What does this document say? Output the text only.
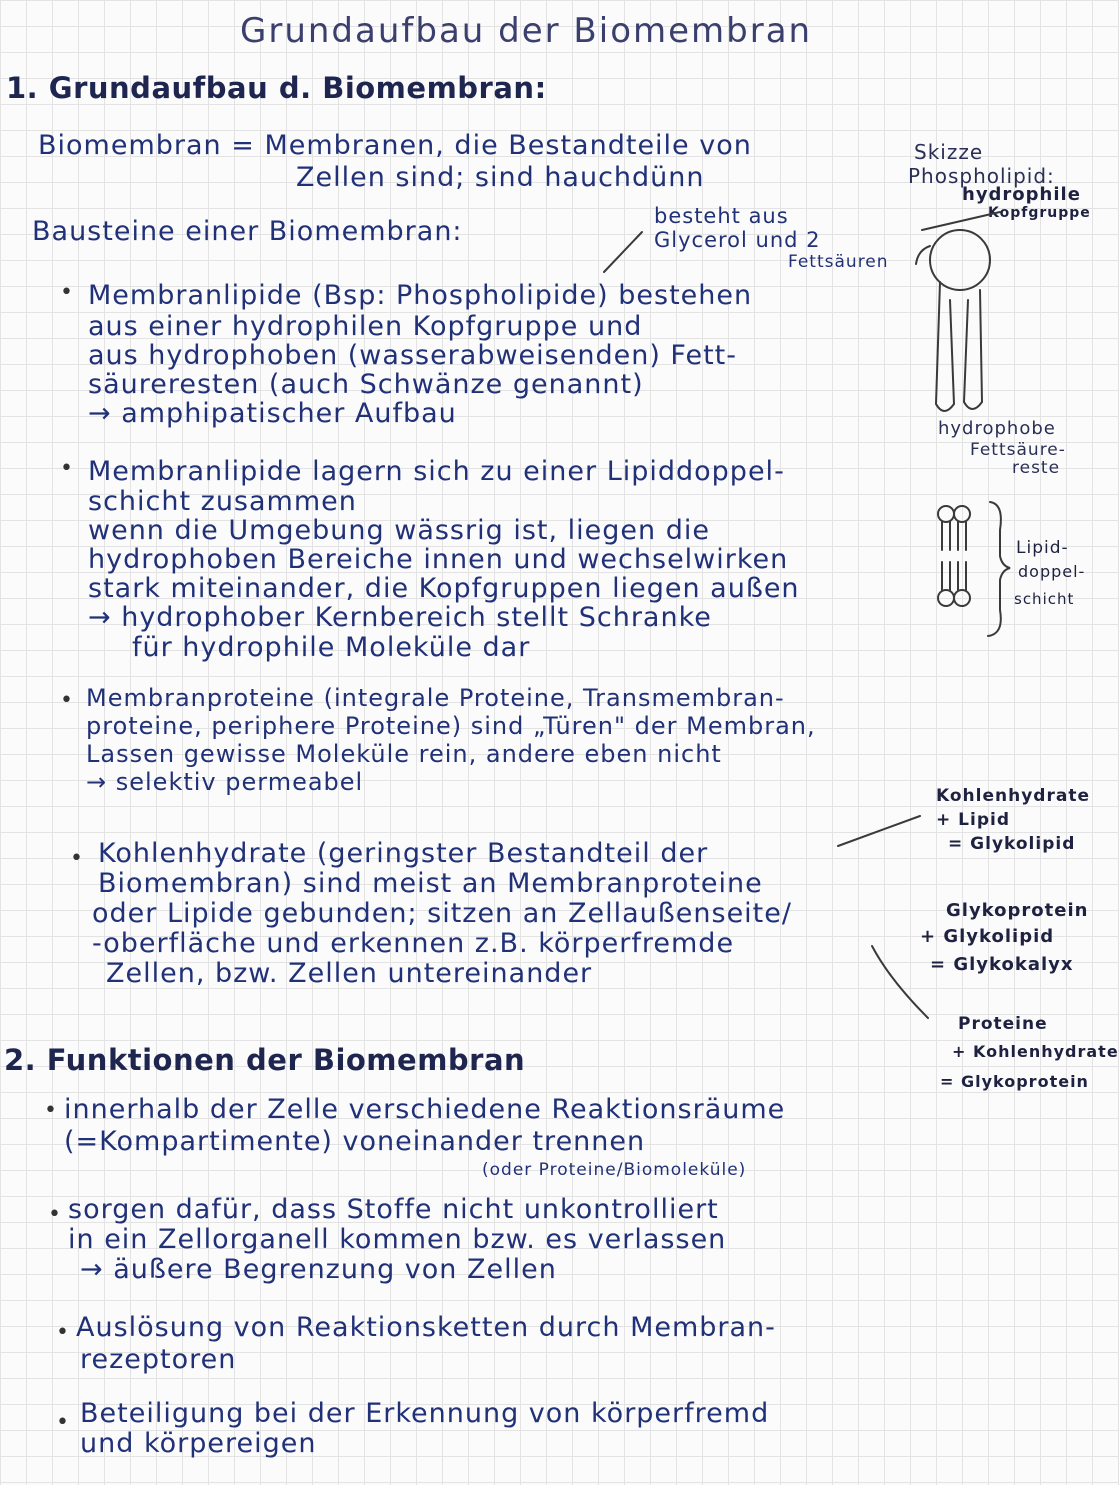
Grundaufbau der Biomembran
1. Grundaufbau d. Biomembran:
Biomembran = Membranen, die Bestandteile von
Zellen sind; sind hauchdünn
Bausteine einer Biomembran:	besteht aus
Glycerol und 2
Fettsäuren
• Membranlipide (Bsp: Phospholipide) bestehen
aus einer hydrophilen Kopfgruppe und
aus hydrophoben (wasserabweisenden) Fett-
säureresten (auch Schwänze genannt)
→ amphipatischer Aufbau
• Membranlipide lagern sich zu einer Lipiddoppel-
schicht zusammen
wenn die Umgebung wässrig ist, liegen die
hydrophoben Bereiche innen und wechselwirken
stark miteinander, die Kopfgruppen liegen außen
→ hydrophober Kernbereich stellt Schranke
für hydrophile Moleküle dar
• Membranproteine (integrale Proteine, Transmembran-
proteine, periphere Proteine) sind „Türen" der Membran,
Lassen gewisse Moleküle rein, andere eben nicht
→ selektiv permeabel
• Kohlenhydrate (geringster Bestandteil der
Biomembran) sind meist an Membranproteine
oder Lipide gebunden; sitzen an Zellaußenseite/
-oberfläche und erkennen z.B. körperfremde
Zellen, bzw. Zellen untereinander
2. Funktionen der Biomembran
• innerhalb der Zelle verschiedene Reaktionsräume
(=Kompartimente) voneinander trennen
(oder Proteine/Biomoleküle)
• sorgen dafür, dass Stoffe nicht unkontrolliert
in ein Zellorganell kommen bzw. es verlassen
→ äußere Begrenzung von Zellen
• Auslösung von Reaktionsketten durch Membran-
rezeptoren
• Beteiligung bei der Erkennung von körperfremd
und körpereigen
Skizze
Phospholipid:
hydrophile
Kopfgruppe
hydrophobe
Fettsäure-
reste
Lipid-
doppel-
schicht
Kohlenhydrate
+ Lipid
= Glykolipid
Glykoprotein
+ Glykolipid
= Glykokalyx
Proteine
+ Kohlenhydrate
= Glykoprotein
